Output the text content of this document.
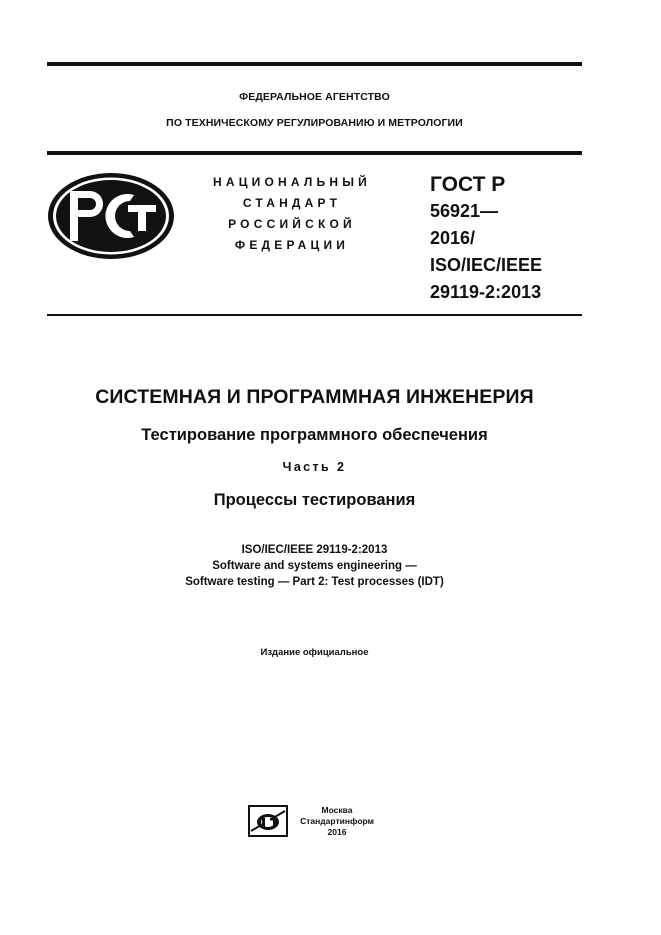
ФЕДЕРАЛЬНОЕ АГЕНТСТВО
ПО ТЕХНИЧЕСКОМУ РЕГУЛИРОВАНИЮ И МЕТРОЛОГИИ
НАЦИОНАЛЬНЫЙ
СТАНДАРТ
РОССИЙСКОЙ
ФЕДЕРАЦИИ
ГОСТ Р
56921—
2016/
ISO/IEC/IEEE
29119-2:2013
СИСТЕМНАЯ И ПРОГРАММНАЯ ИНЖЕНЕРИЯ
Тестирование программного обеспечения
Часть 2
Процессы тестирования
ISO/IEC/IEEE 29119-2:2013
Software and systems engineering —
Software testing — Part 2: Test processes (IDT)
Издание официальное
Москва
Стандартинформ
2016
